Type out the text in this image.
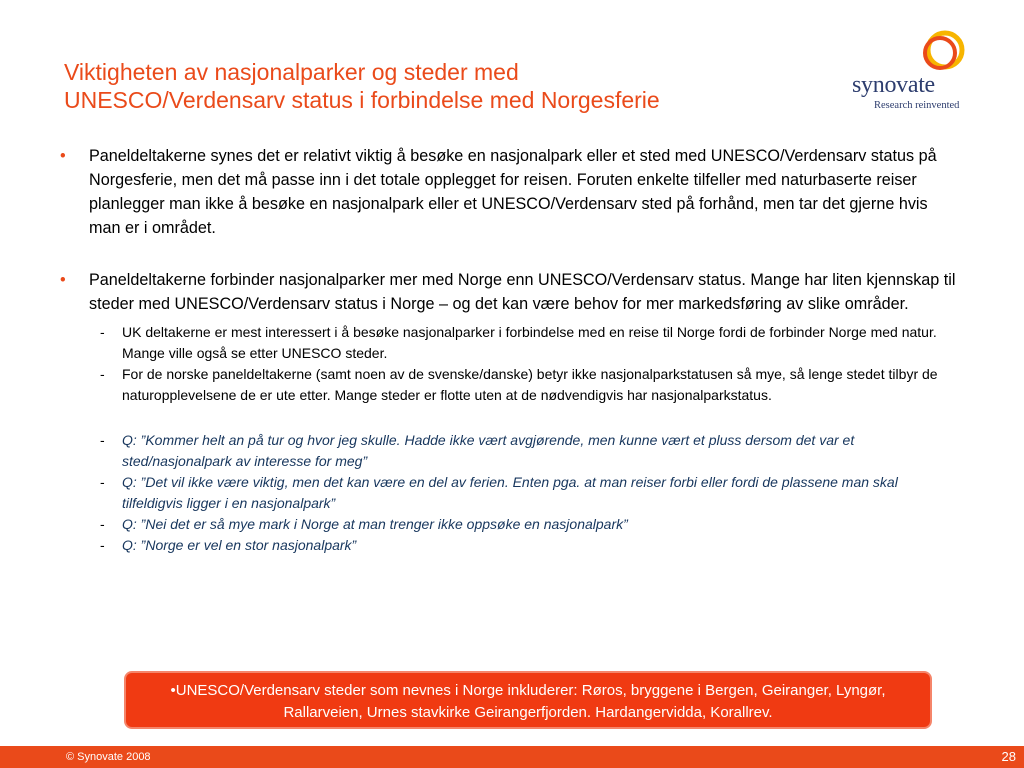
Viktigheten av nasjonalparker og steder med
UNESCO/Verdensarv status i forbindelse med Norgesferie
synovate
Research reinvented
• Paneldeltakerne synes det er relativt viktig å besøke en nasjonalpark eller et sted med UNESCO/Verdensarv status på Norgesferie, men det må passe inn i det totale opplegget for reisen. Foruten enkelte tilfeller med naturbaserte reiser planlegger man ikke å besøke en nasjonalpark eller et UNESCO/Verdensarv sted på forhånd, men tar det gjerne hvis man er i området.
• Paneldeltakerne forbinder nasjonalparker mer med Norge enn UNESCO/Verdensarv status. Mange har liten kjennskap til steder med UNESCO/Verdensarv status i Norge – og det kan være behov for mer markedsføring av slike områder.
- UK deltakerne er mest interessert i å besøke nasjonalparker i forbindelse med en reise til Norge fordi de forbinder Norge med natur. Mange ville også se etter UNESCO steder.
- For de norske paneldeltakerne (samt noen av de svenske/danske) betyr ikke nasjonalparkstatusen så mye, så lenge stedet tilbyr de naturopplevelsene de er ute etter. Mange steder er flotte uten at de nødvendigvis har nasjonalparkstatus.
- Q: ”Kommer helt an på tur og hvor jeg skulle. Hadde ikke vært avgjørende, men kunne vært et pluss dersom det var et sted/nasjonalpark av interesse for meg”
- Q: ”Det vil ikke være viktig, men det kan være en del av ferien. Enten pga. at man reiser forbi eller fordi de plassene man skal tilfeldigvis ligger i en nasjonalpark”
- Q: ”Nei det er så mye mark i Norge at man trenger ikke oppsøke en nasjonalpark”
- Q: ”Norge er vel en stor nasjonalpark”
•UNESCO/Verdensarv steder som nevnes i Norge inkluderer: Røros, bryggene i Bergen, Geiranger, Lyngør, Rallarveien, Urnes stavkirke Geirangerfjorden. Hardangervidda, Korallrev.
© Synovate 2008	28
